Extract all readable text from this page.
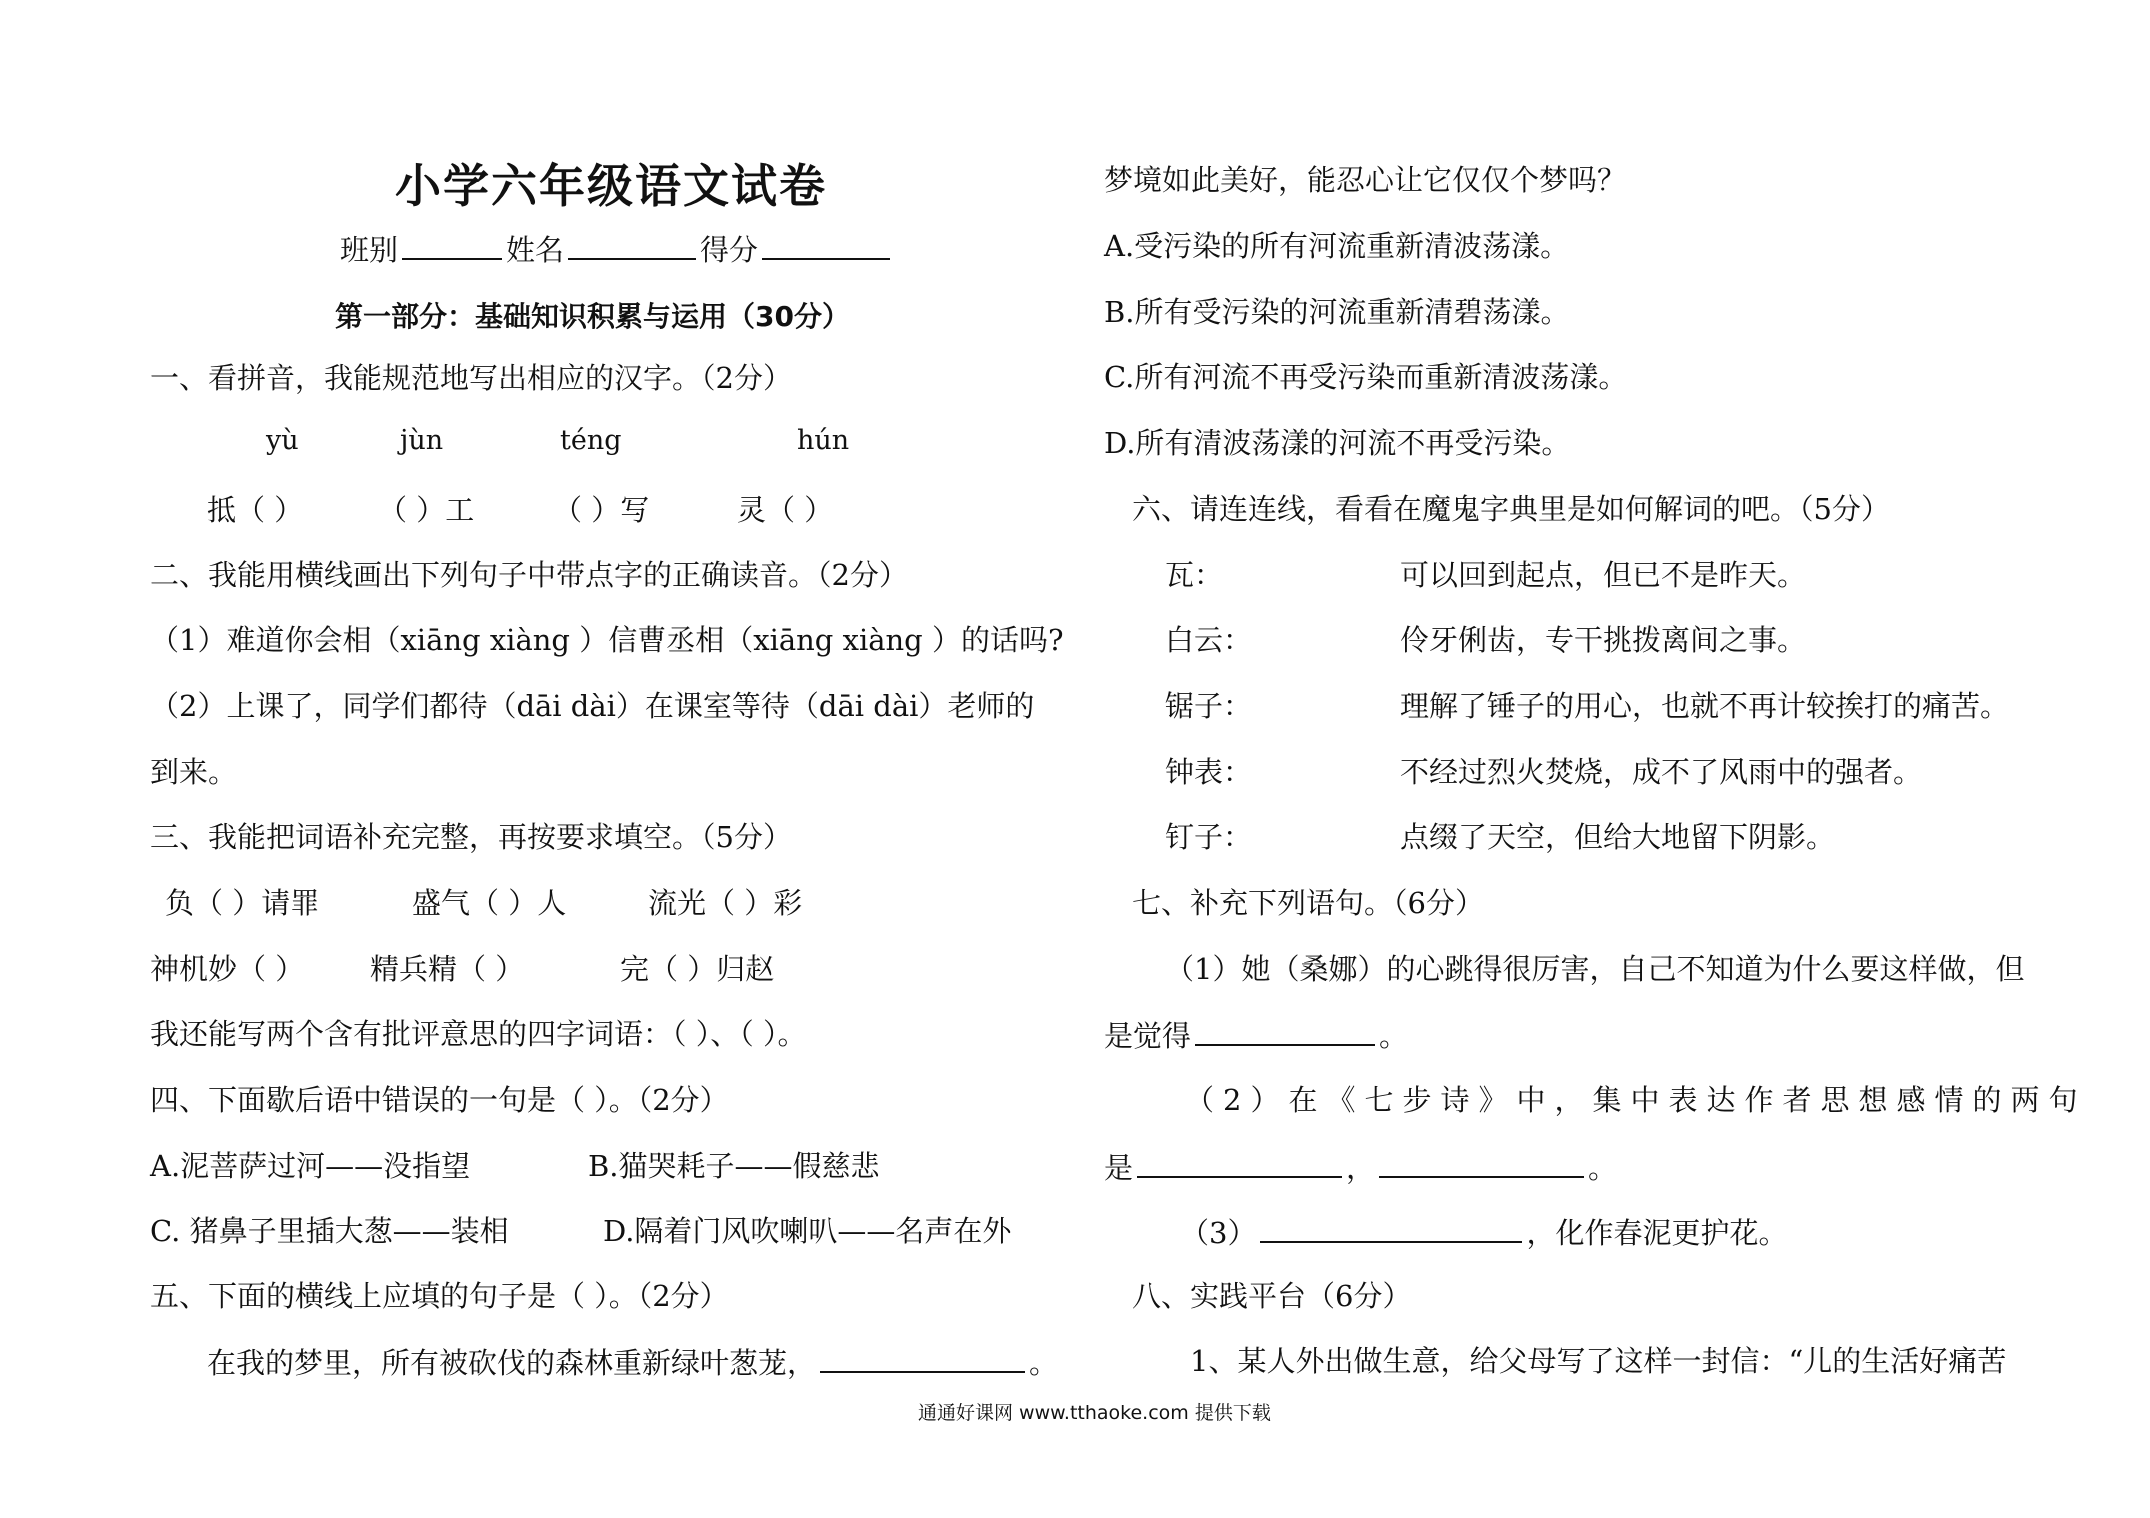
小学六年级语文试卷
班别	姓名	得分
第一部分：基础知识积累与运用（30分）
一、看拼音，我能规范地写出相应的汉字。（2分）
yù	jùn	téng	hún
抵（ ）	（ ）工	（ ）写	灵（ ）
二、我能用横线画出下列句子中带点字的正确读音。（2分）
（1）难道你会相（xiāng xiàng ）信曹丞相（xiāng xiàng ）的话吗?
（2）上课了，同学们都待（dāi dài）在课室等待（dāi dài）老师的
到来。
三、我能把词语补充完整，再按要求填空。（5分）
负（ ）请罪	盛气（ ）人	流光（ ）彩
神机妙（ ） 精兵精（ ）	完（ ）归赵
我还能写两个含有批评意思的四字词语：（ ）、（ ）。
四、下面歇后语中错误的一句是（ ）。（2分）
A.泥菩萨过河——没指望	B.猫哭耗子——假慈悲
C. 猪鼻子里插大葱——装相	D.隔着门风吹喇叭——名声在外
五、下面的横线上应填的句子是（ ）。（2分）
在我的梦里，所有被砍伐的森林重新绿叶葱茏，	。
梦境如此美好，能忍心让它仅仅个梦吗？
A.受污染的所有河流重新清波荡漾。
B.所有受污染的河流重新清碧荡漾。
C.所有河流不再受污染而重新清波荡漾。
D.所有清波荡漾的河流不再受污染。
六、请连连线，看看在魔鬼字典里是如何解词的吧。（5分）
瓦：	可以回到起点，但已不是昨天。
白云：	伶牙俐齿，专干挑拨离间之事。
锯子：	理解了锤子的用心，也就不再计较挨打的痛苦。
钟表：	不经过烈火焚烧，成不了风雨中的强者。
钉子：	点缀了天空，但给大地留下阴影。
七、补充下列语句。（6分）
（1）她（桑娜）的心跳得很厉害，自己不知道为什么要这样做，但
是觉得	。
（2）在《七步诗》中，集中表达作者思想感情的两句
是	，	。
（3）	，化作春泥更护花。
八、实践平台（6分）
1、某人外出做生意，给父母写了这样一封信：“儿的生活好痛苦
通通好课网 www.tthaoke.com 提供下载
